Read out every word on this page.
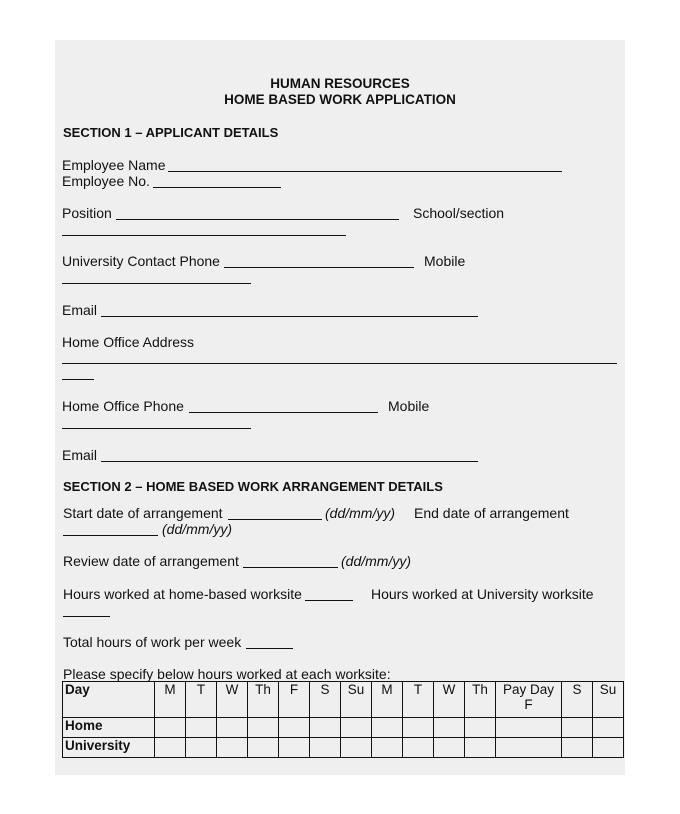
HUMAN RESOURCES
HOME BASED WORK APPLICATION
SECTION 1 – APPLICANT DETAILS
Employee Name
Employee No.
Position	School/section
University Contact Phone	Mobile
Email
Home Office Address
Home Office Phone	Mobile
Email
SECTION 2 – HOME BASED WORK ARRANGEMENT DETAILS
Start date of arrangement	(dd/mm/yy) End date of arrangement
(dd/mm/yy)
Review date of arrangement	(dd/mm/yy)
Hours worked at home-based worksite	Hours worked at University worksite
Total hours of work per week
Please specify below hours worked at each worksite:
Day	M	T	W	Th	F	S	Su	M	T	W	Th	Pay Day F	S	Su
Home														
University														
